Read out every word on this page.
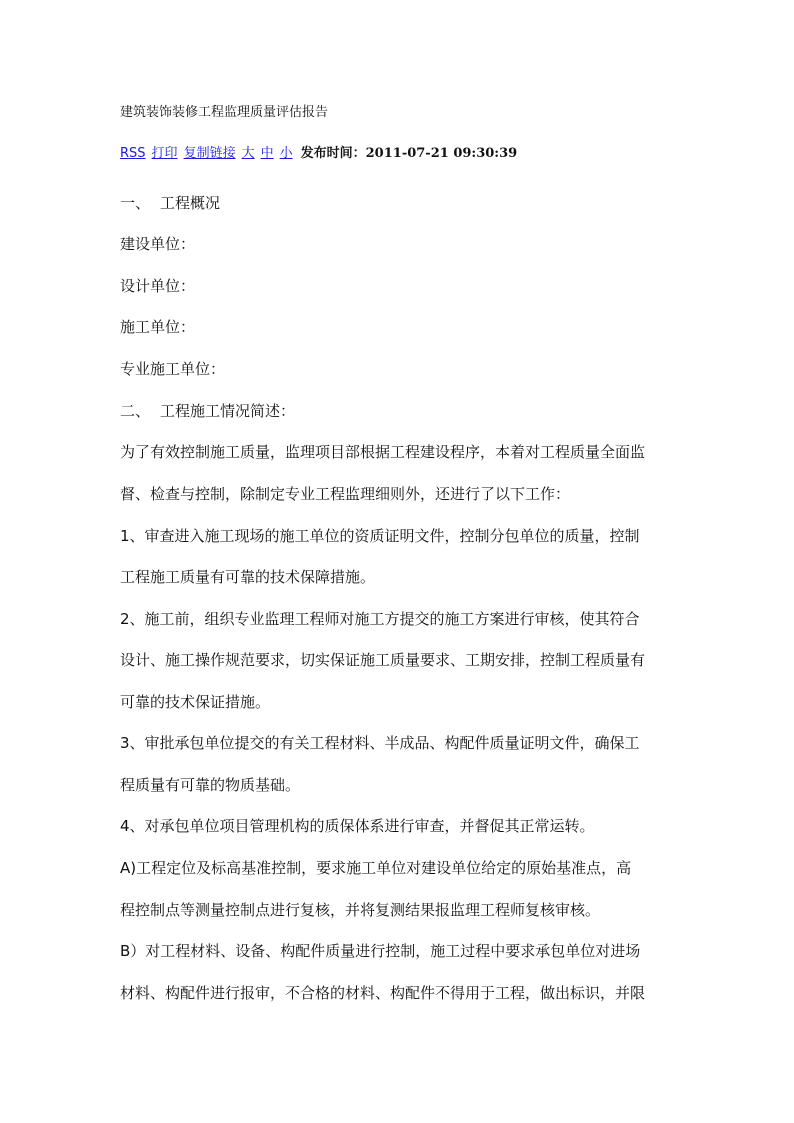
建筑装饰装修工程监理质量评估报告
RSS 打印 复制链接 大 中 小 发布时间：2011-07-21 09:30:39
一、 工程概况
建设单位：
设计单位：
施工单位：
专业施工单位：
二、 工程施工情况简述：
为了有效控制施工质量，监理项目部根据工程建设程序，本着对工程质量全面监
督、检查与控制，除制定专业工程监理细则外，还进行了以下工作：
1、审查进入施工现场的施工单位的资质证明文件，控制分包单位的质量，控制
工程施工质量有可靠的技术保障措施。
2、施工前，组织专业监理工程师对施工方提交的施工方案进行审核，使其符合
设计、施工操作规范要求，切实保证施工质量要求、工期安排，控制工程质量有
可靠的技术保证措施。
3、审批承包单位提交的有关工程材料、半成品、构配件质量证明文件，确保工
程质量有可靠的物质基础。
4、对承包单位项目管理机构的质保体系进行审查，并督促其正常运转。
A)工程定位及标高基准控制，要求施工单位对建设单位给定的原始基准点，高
程控制点等测量控制点进行复核，并将复测结果报监理工程师复核审核。
B）对工程材料、设备、构配件质量进行控制，施工过程中要求承包单位对进场
材料、构配件进行报审，不合格的材料、构配件不得用于工程，做出标识，并限
